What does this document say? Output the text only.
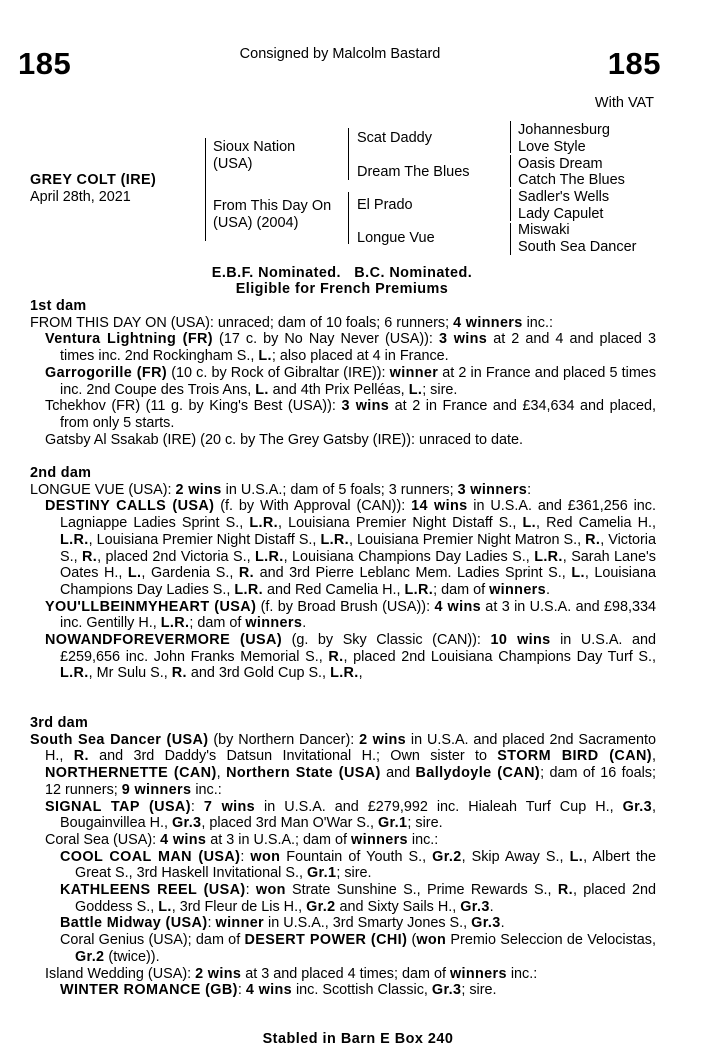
185	Consigned by Malcolm Bastard	185
With VAT
GREY COLT (IRE)
April 28th, 2021
Sioux Nation (USA)
From This Day On (USA) (2004)
Scat Daddy
Dream The Blues
El Prado
Longue Vue
Johannesburg
Love Style
Oasis Dream
Catch The Blues
Sadler's Wells
Lady Capulet
Miswaki
South Sea Dancer
E.B.F. Nominated.   B.C. Nominated.
Eligible for French Premiums
1st dam

FROM THIS DAY ON (USA): unraced; dam of 10 foals; 6 runners; 4 winners inc.:

Ventura Lightning (FR) (17 c. by No Nay Never (USA)): 3 wins at 2 and 4 and placed 3 times inc. 2nd Rockingham S., L.; also placed at 4 in France.

Garrogorille (FR) (10 c. by Rock of Gibraltar (IRE)): winner at 2 in France and placed 5 times inc. 2nd Coupe des Trois Ans, L. and 4th Prix Pelléas, L.; sire.

Tchekhov (FR) (11 g. by King's Best (USA)): 3 wins at 2 in France and £34,634 and placed, from only 5 starts.

Gatsby Al Ssakab (IRE) (20 c. by The Grey Gatsby (IRE)): unraced to date.

2nd dam

LONGUE VUE (USA): 2 wins in U.S.A.; dam of 5 foals; 3 runners; 3 winners:

DESTINY CALLS (USA) (f. by With Approval (CAN)): 14 wins in U.S.A. and £361,256 inc. Lagniappe Ladies Sprint S., L.R., Louisiana Premier Night Distaff S., L., Red Camelia H., L.R., Louisiana Premier Night Distaff S., L.R., Louisiana Premier Night Matron S., R., Victoria S., R., placed 2nd Victoria S., L.R., Louisiana Champions Day Ladies S., L.R., Sarah Lane's Oates H., L., Gardenia S., R. and 3rd Pierre Leblanc Mem. Ladies Sprint S., L., Louisiana Champions Day Ladies S., L.R. and Red Camelia H., L.R.; dam of winners.

YOU'LLBEINMYHEART (USA) (f. by Broad Brush (USA)): 4 wins at 3 in U.S.A. and £98,334 inc. Gentilly H., L.R.; dam of winners.

NOWANDFOREVERMORE (USA) (g. by Sky Classic (CAN)): 10 wins in U.S.A. and £259,656 inc. John Franks Memorial S., R., placed 2nd Louisiana Champions Day Turf S., L.R., Mr Sulu S., R. and 3rd Gold Cup S., L.R.,

3rd dam

South Sea Dancer (USA) (by Northern Dancer): 2 wins in U.S.A. and placed 2nd Sacramento H., R. and 3rd Daddy's Datsun Invitational H.; Own sister to STORM BIRD (CAN), NORTHERNETTE (CAN), Northern State (USA) and Ballydoyle (CAN); dam of 16 foals; 12 runners; 9 winners inc.:

SIGNAL TAP (USA): 7 wins in U.S.A. and £279,992 inc. Hialeah Turf Cup H., Gr.3, Bougainvillea H., Gr.3, placed 3rd Man O'War S., Gr.1; sire.

Coral Sea (USA): 4 wins at 3 in U.S.A.; dam of winners inc.:

COOL COAL MAN (USA): won Fountain of Youth S., Gr.2, Skip Away S., L., Albert the Great S., 3rd Haskell Invitational S., Gr.1; sire.

KATHLEENS REEL (USA): won Strate Sunshine S., Prime Rewards S., R., placed 2nd Goddess S., L., 3rd Fleur de Lis H., Gr.2 and Sixty Sails H., Gr.3.

Battle Midway (USA): winner in U.S.A., 3rd Smarty Jones S., Gr.3.

Coral Genius (USA); dam of DESERT POWER (CHI) (won Premio Seleccion de Velocistas, Gr.2 (twice)).

Island Wedding (USA): 2 wins at 3 and placed 4 times; dam of winners inc.:

WINTER ROMANCE (GB): 4 wins inc. Scottish Classic, Gr.3; sire.

Stabled in Barn E Box 240
